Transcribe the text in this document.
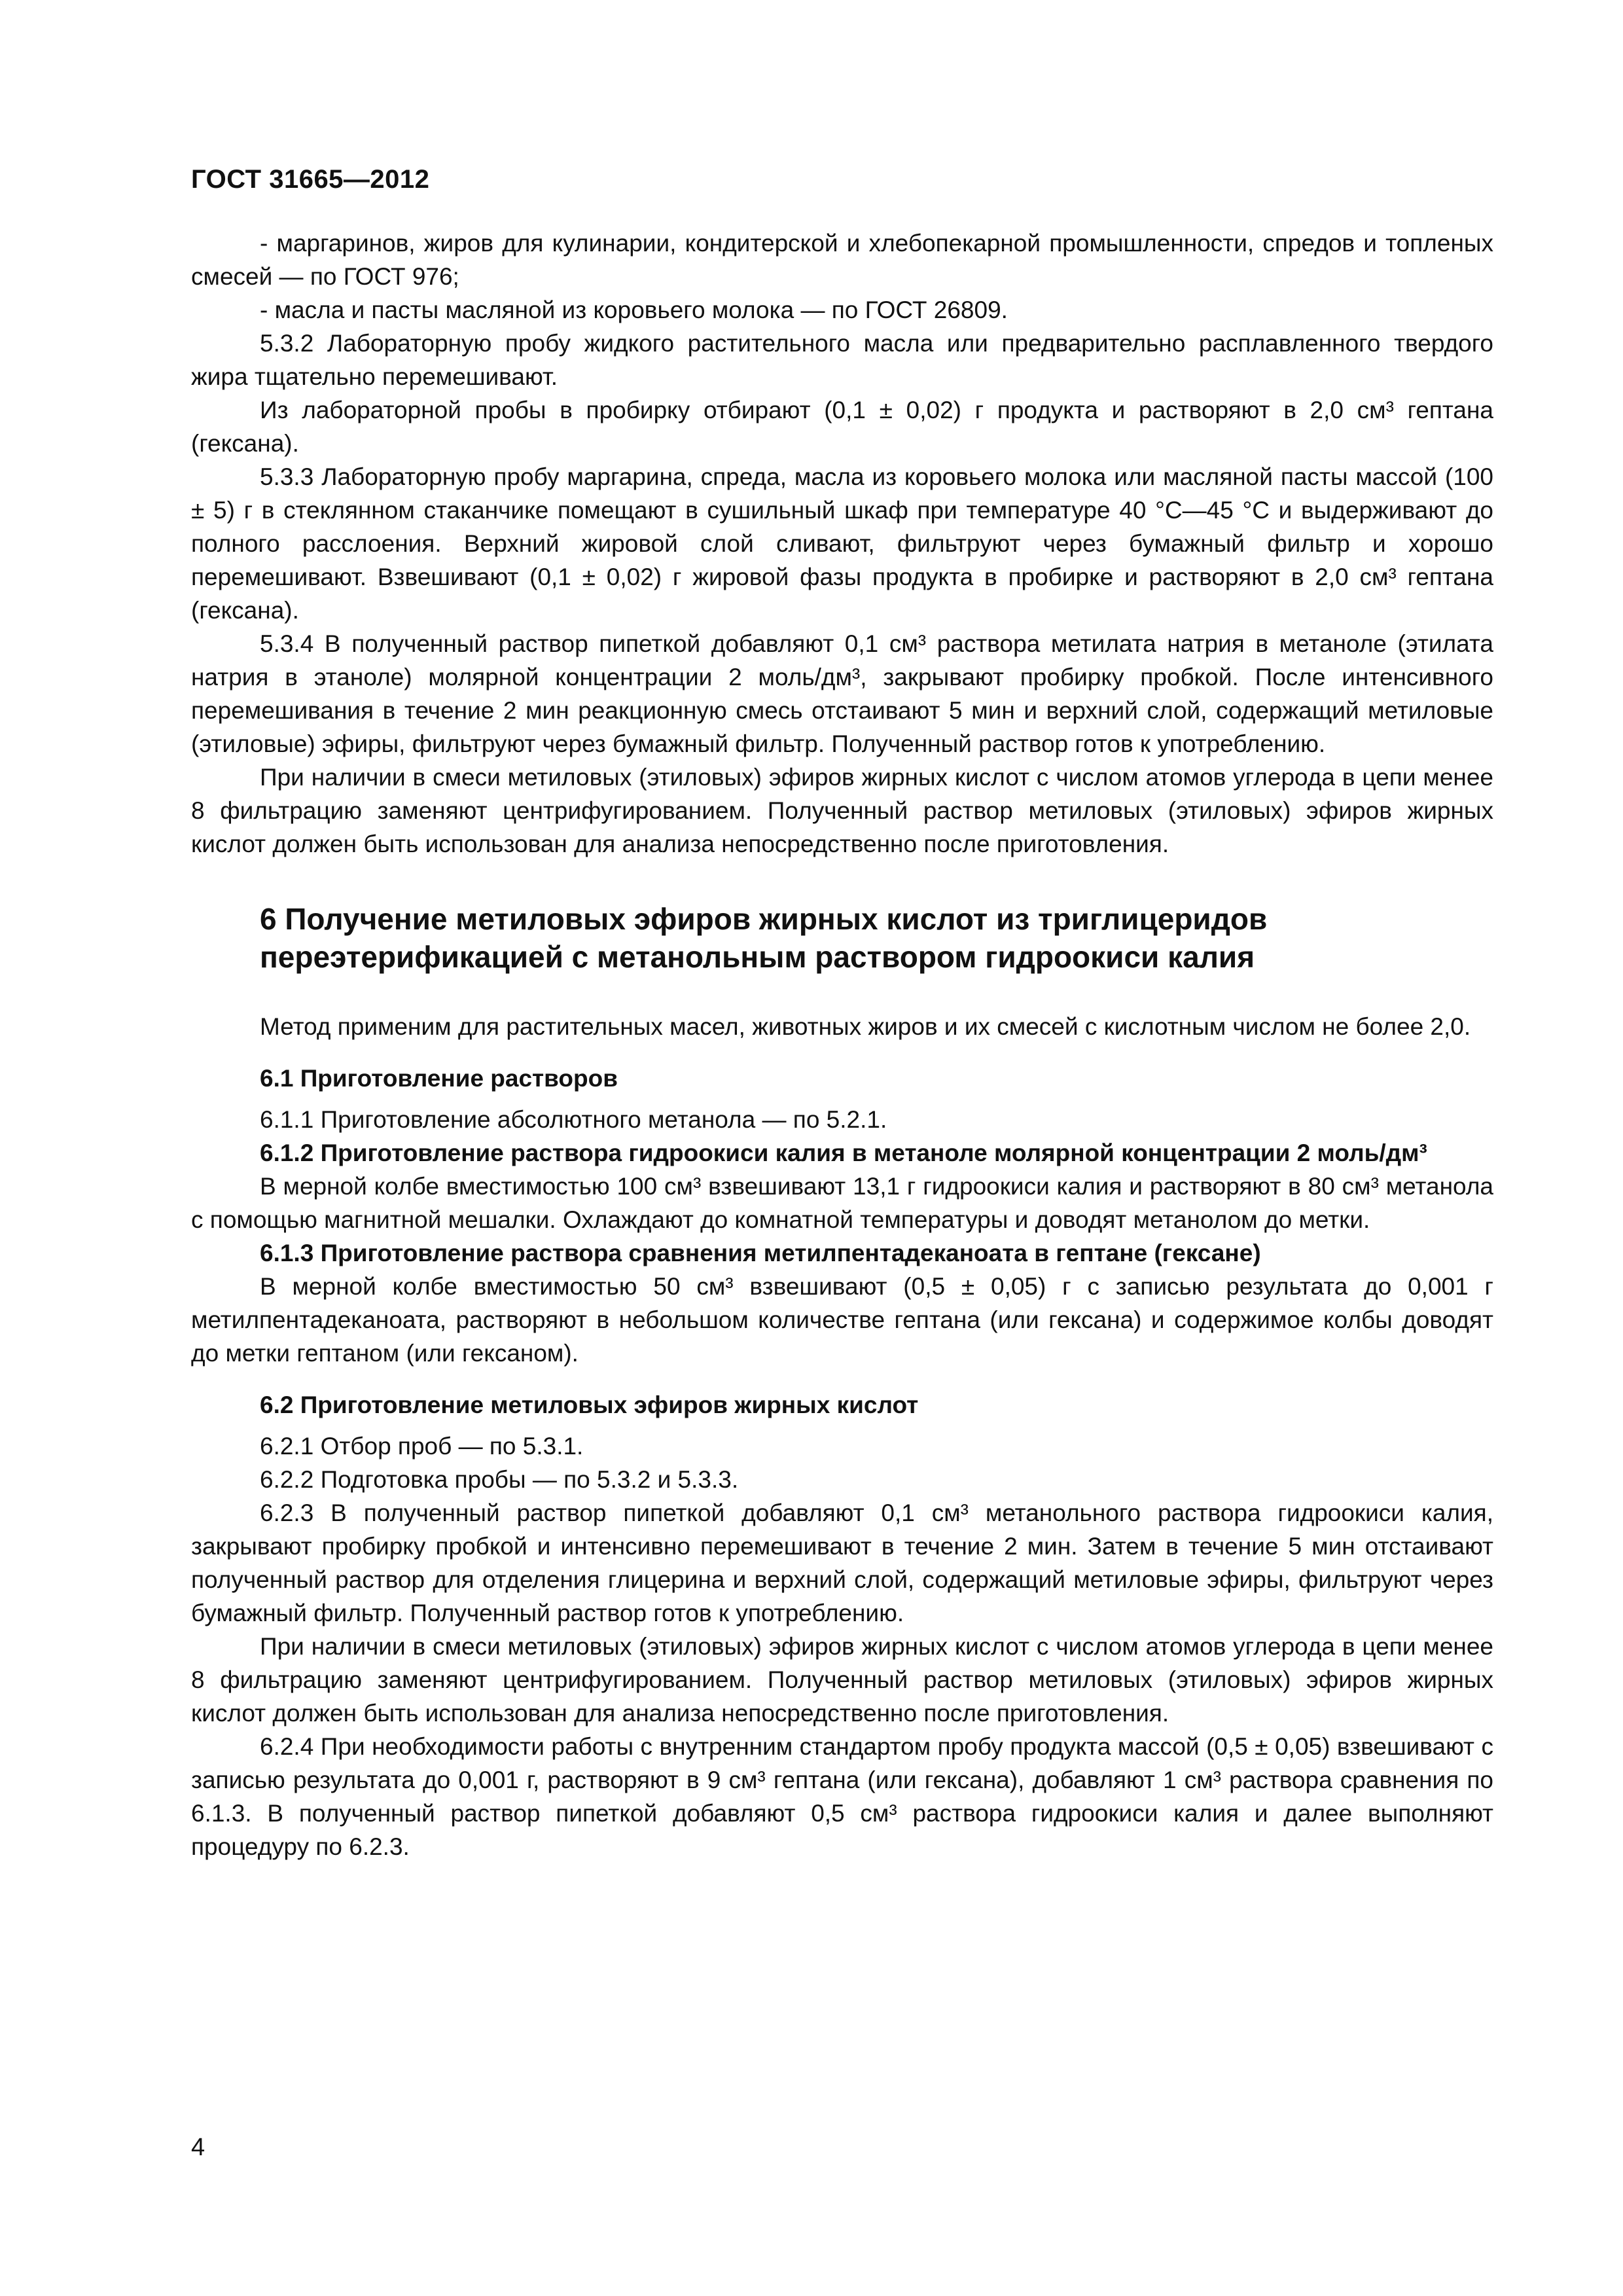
ГОСТ 31665—2012

- маргаринов, жиров для кулинарии, кондитерской и хлебопекарной промышленности, спредов и топленых смесей — по ГОСТ 976;

- масла и пасты масляной из коровьего молока — по ГОСТ 26809.

5.3.2 Лабораторную пробу жидкого растительного масла или предварительно расплавленного твердого жира тщательно перемешивают.

Из лабораторной пробы в пробирку отбирают (0,1 ± 0,02) г продукта и растворяют в 2,0 см³ гептана (гексана).

5.3.3 Лабораторную пробу маргарина, спреда, масла из коровьего молока или масляной пасты массой (100 ± 5) г в стеклянном стаканчике помещают в сушильный шкаф при температуре 40 °С—45 °С и выдерживают до полного расслоения. Верхний жировой слой сливают, фильтруют через бумажный фильтр и хорошо перемешивают. Взвешивают (0,1 ± 0,02) г жировой фазы продукта в пробирке и растворяют в 2,0 см³ гептана (гексана).

5.3.4 В полученный раствор пипеткой добавляют 0,1 см³ раствора метилата натрия в метаноле (этилата натрия в этаноле) молярной концентрации 2 моль/дм³, закрывают пробирку пробкой. После интенсивного перемешивания в течение 2 мин реакционную смесь отстаивают 5 мин и верхний слой, содержащий метиловые (этиловые) эфиры, фильтруют через бумажный фильтр. Полученный раствор готов к употреблению.

При наличии в смеси метиловых (этиловых) эфиров жирных кислот с числом атомов углерода в цепи менее 8 фильтрацию заменяют центрифугированием. Полученный раствор метиловых (этиловых) эфиров жирных кислот должен быть использован для анализа непосредственно после приготовления.

6 Получение метиловых эфиров жирных кислот из триглицеридов переэтерификацией с метанольным раствором гидроокиси калия

Метод применим для растительных масел, животных жиров и их смесей с кислотным числом не более 2,0.

6.1 Приготовление растворов

6.1.1 Приготовление абсолютного метанола — по 5.2.1.

6.1.2 Приготовление раствора гидроокиси калия в метаноле молярной концентрации 2 моль/дм³

В мерной колбе вместимостью 100 см³ взвешивают 13,1 г гидроокиси калия и растворяют в 80 см³ метанола с помощью магнитной мешалки. Охлаждают до комнатной температуры и доводят метанолом до метки.

6.1.3 Приготовление раствора сравнения метилпентадеканоата в гептане (гексане)

В мерной колбе вместимостью 50 см³ взвешивают (0,5 ± 0,05) г с записью результата до 0,001 г метилпентадеканоата, растворяют в небольшом количестве гептана (или гексана) и содержимое колбы доводят до метки гептаном (или гексаном).

6.2 Приготовление метиловых эфиров жирных кислот

6.2.1 Отбор проб — по 5.3.1.

6.2.2 Подготовка пробы — по 5.3.2 и 5.3.3.

6.2.3 В полученный раствор пипеткой добавляют 0,1 см³ метанольного раствора гидроокиси калия, закрывают пробирку пробкой и интенсивно перемешивают в течение 2 мин. Затем в течение 5 мин отстаивают полученный раствор для отделения глицерина и верхний слой, содержащий метиловые эфиры, фильтруют через бумажный фильтр. Полученный раствор готов к употреблению.

При наличии в смеси метиловых (этиловых) эфиров жирных кислот с числом атомов углерода в цепи менее 8 фильтрацию заменяют центрифугированием. Полученный раствор метиловых (этиловых) эфиров жирных кислот должен быть использован для анализа непосредственно после приготовления.

6.2.4 При необходимости работы с внутренним стандартом пробу продукта массой (0,5 ± 0,05) взвешивают с записью результата до 0,001 г, растворяют в 9 см³ гептана (или гексана), добавляют 1 см³ раствора сравнения по 6.1.3. В полученный раствор пипеткой добавляют 0,5 см³ раствора гидроокиси калия и далее выполняют процедуру по 6.2.3.

4
